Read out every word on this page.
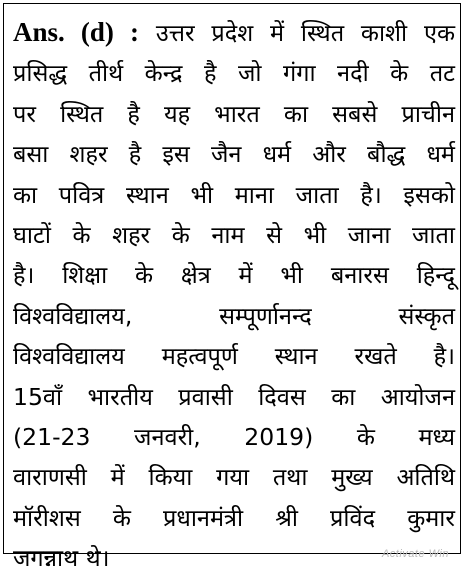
Ans. (d) : उत्तर प्रदेश में स्थित काशी एक
प्रसिद्ध तीर्थ केन्द्र है जो गंगा नदी के तट
पर स्थित है यह भारत का सबसे प्राचीन
बसा शहर है इस जैन धर्म और बौद्ध धर्म
का पवित्र स्थान भी माना जाता है। इसको
घाटों के शहर के नाम से भी जाना जाता
है। शिक्षा के क्षेत्र में भी बनारस हिन्दू
विश्वविद्यालय, सम्पूर्णानन्द संस्कृत
विश्वविद्यालय महत्वपूर्ण स्थान रखते है।
15वाँ भारतीय प्रवासी दिवस का आयोजन
(21-23 जनवरी, 2019) के मध्य
वाराणसी में किया गया तथा मुख्य अतिथि
मॉरीशस के प्रधानमंत्री श्री प्रविंद कुमार
जगन्नाथ थे।	Activate Win
